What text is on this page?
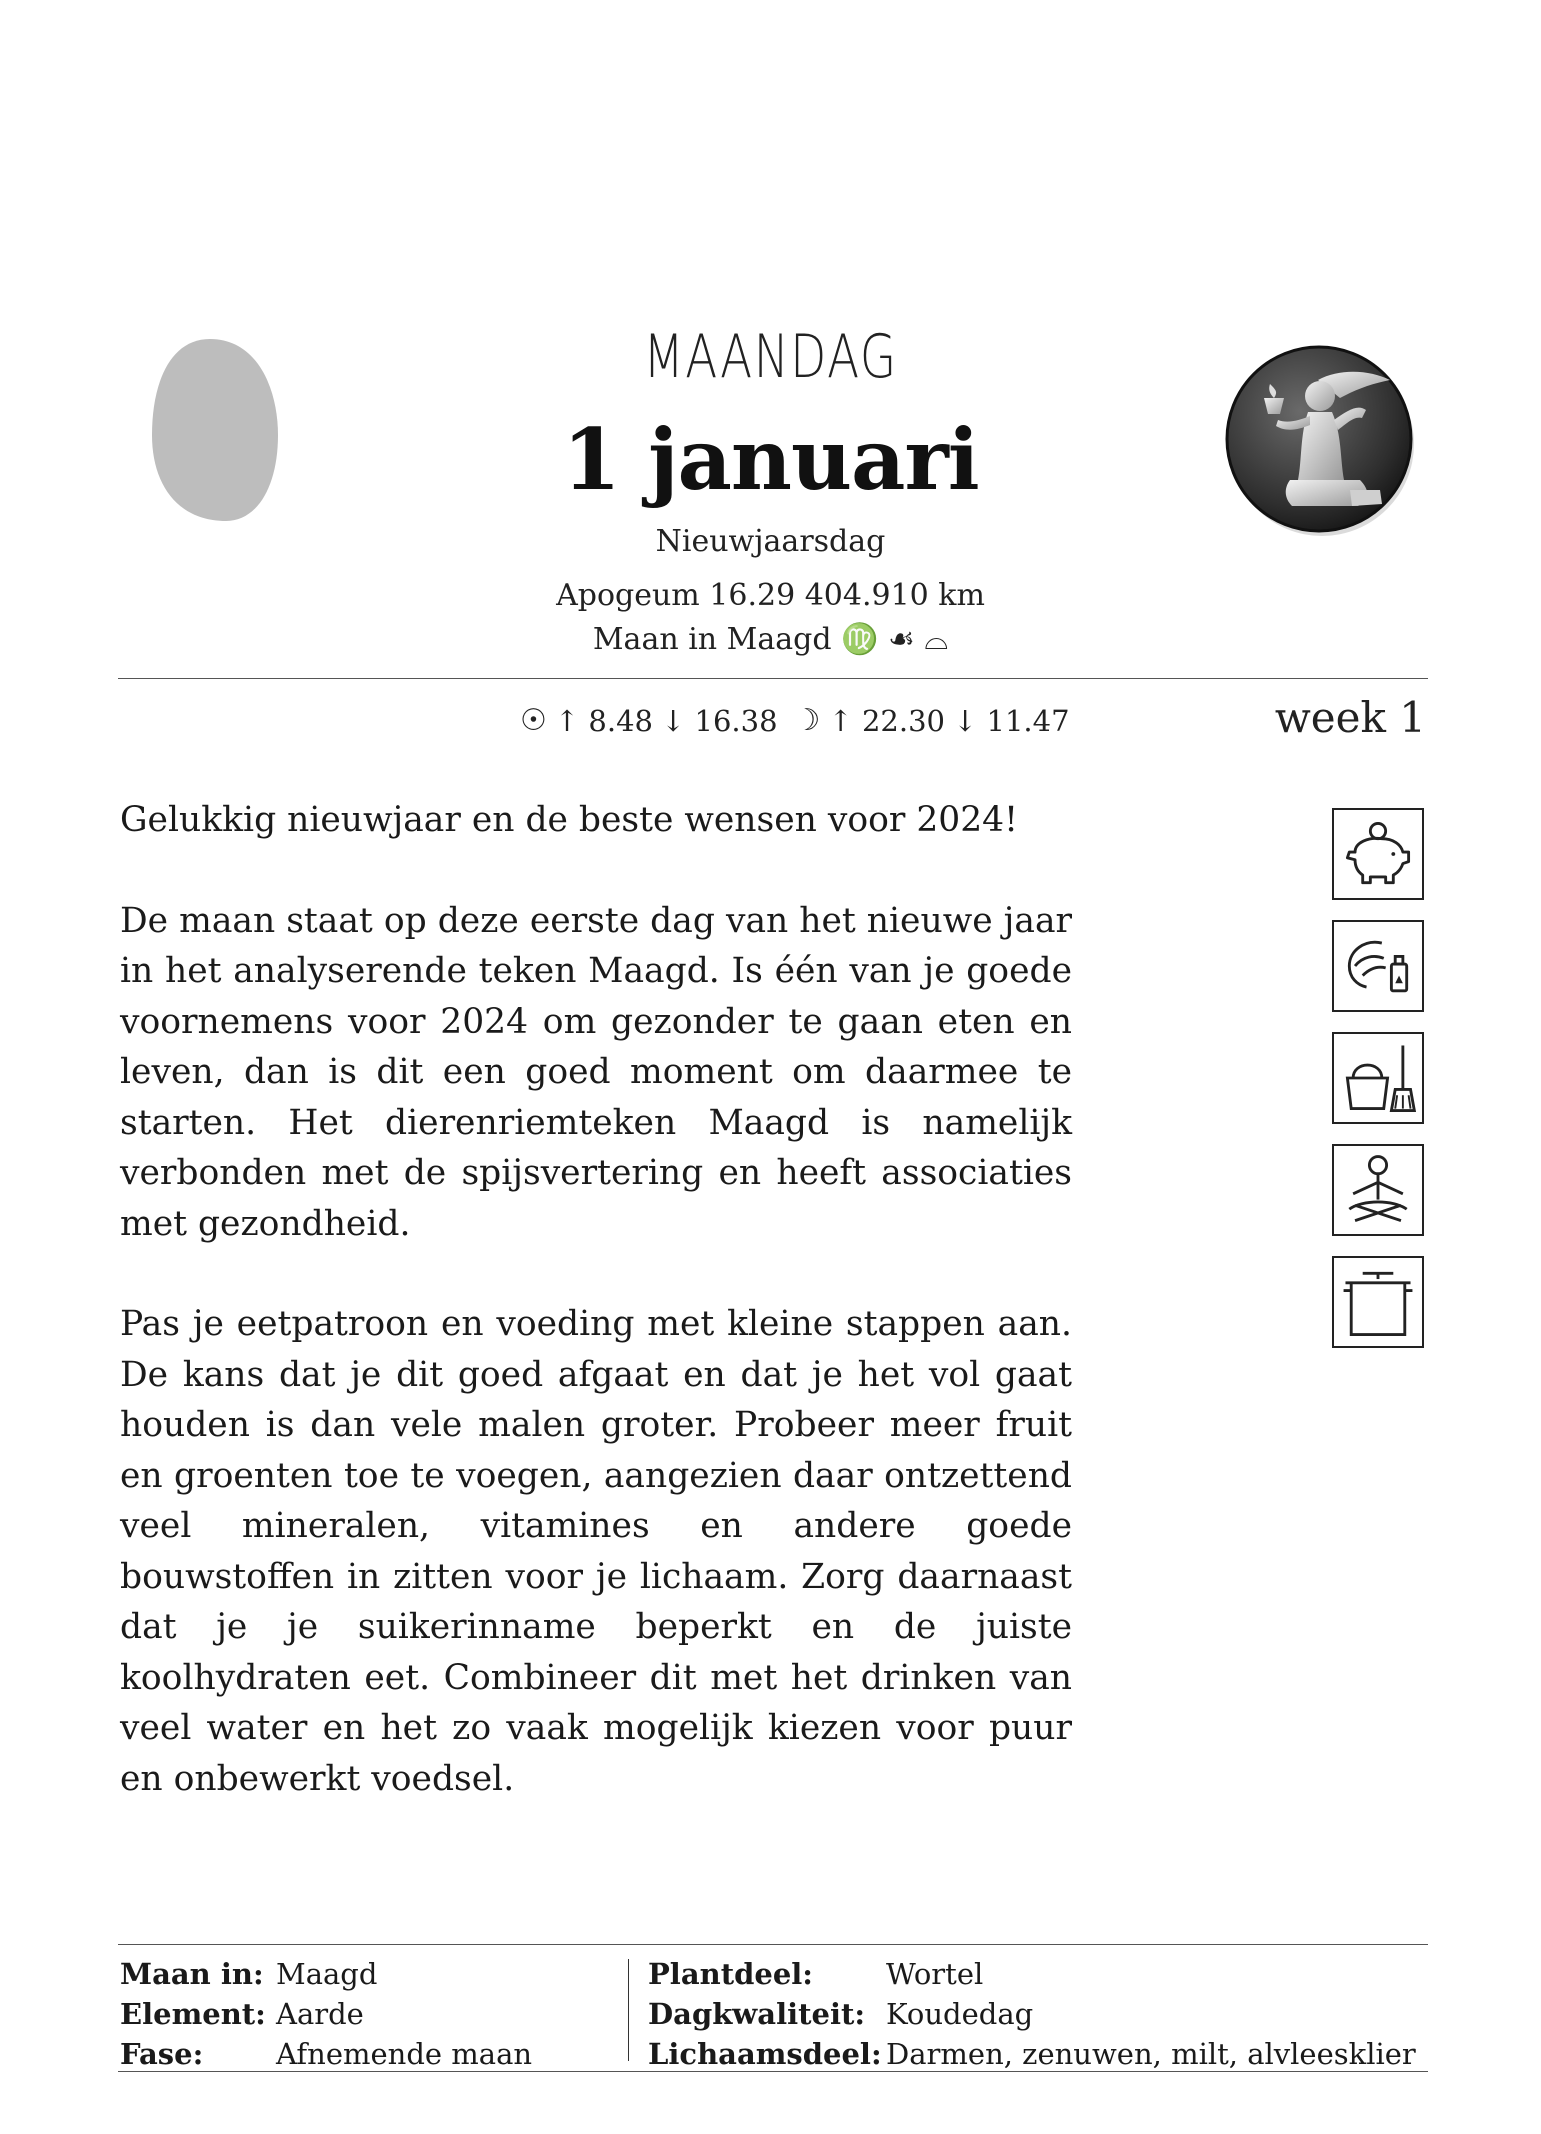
MAANDAG
1 januari
Nieuwjaarsdag
Apogeum 16.29 404.910 km
Maan in Maagd ♍ ☙ ⌓
☉ ↑ 8.48 ↓ 16.38 ☽ ↑ 22.30 ↓ 11.47	week 1

Gelukkig nieuwjaar en de beste wensen voor 2024!

De maan staat op deze eerste dag van het nieuwe jaar in het analyserende teken Maagd. Is één van je goede voornemens voor 2024 om gezonder te gaan eten en leven, dan is dit een goed moment om daarmee te starten. Het dierenriemteken Maagd is namelijk verbonden met de spijsvertering en heeft associaties met gezondheid.

Pas je eetpatroon en voeding met kleine stappen aan. De kans dat je dit goed afgaat en dat je het vol gaat houden is dan vele malen groter. Probeer meer fruit en groenten toe te voegen, aangezien daar ontzettend veel mineralen, vitamines en andere goede bouwstoffen in zitten voor je lichaam. Zorg daarnaast dat je je suikerinname beperkt en de juiste koolhydraten eet. Combineer dit met het drinken van veel water en het zo vaak mogelijk kiezen voor puur en onbewerkt voedsel.

Maan in: Maagd
Element: Aarde
Fase:	Afnemende maan
Plantdeel:	Wortel
Dagkwaliteit: Koudedag
Lichaamsdeel: Darmen, zenuwen, milt, alvleesklier
